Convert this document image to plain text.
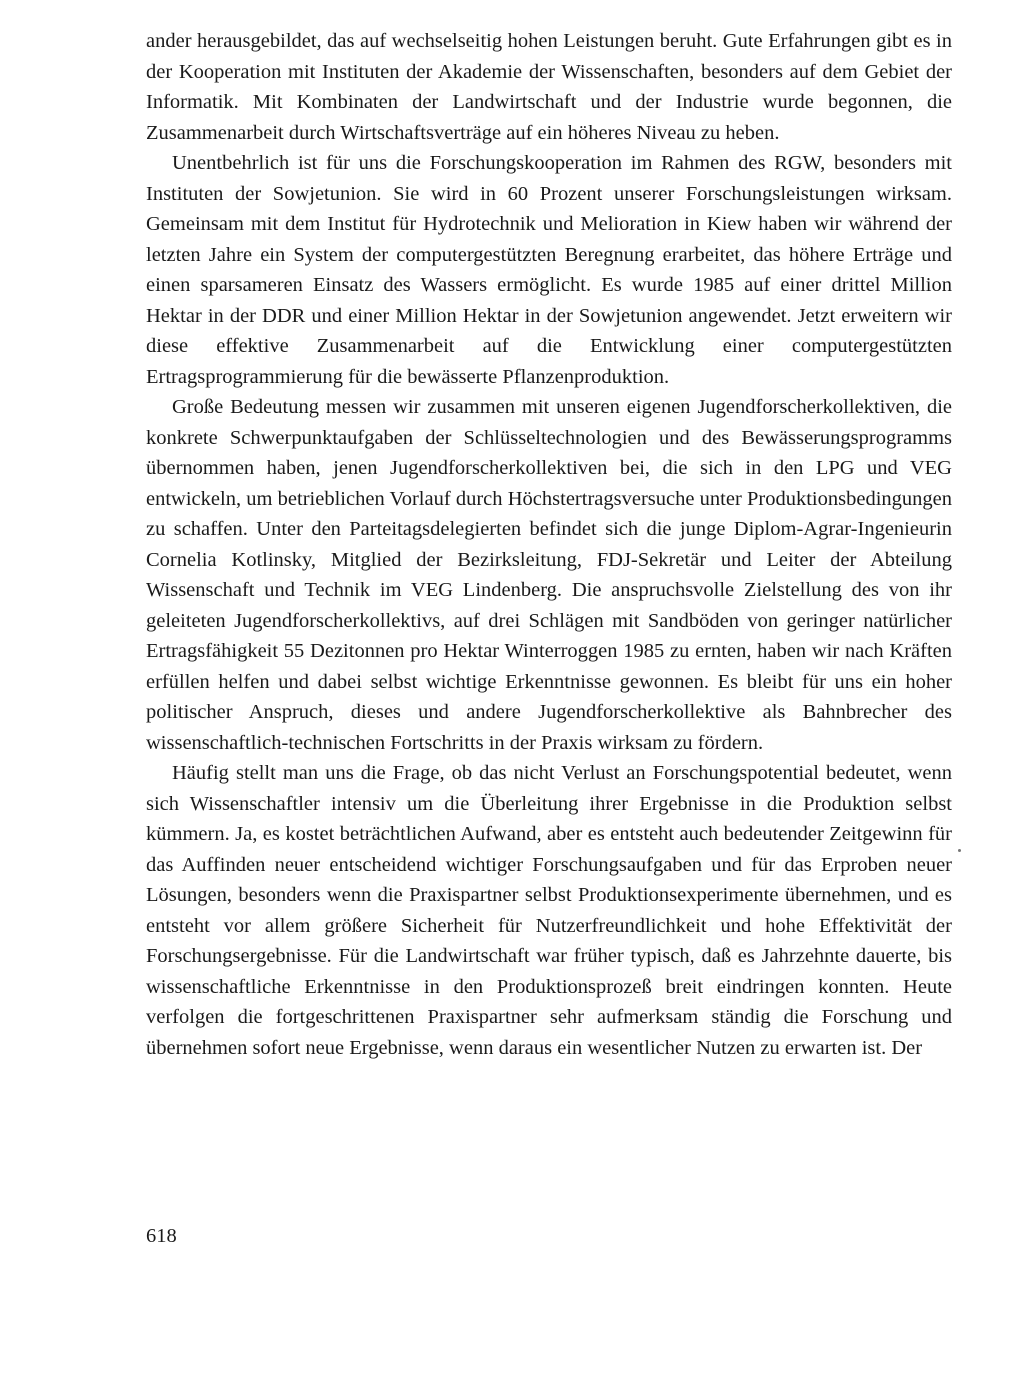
ander herausgebildet, das auf wechselseitig hohen Leistungen beruht. Gute Erfahrungen gibt es in der Kooperation mit Instituten der Akademie der Wissenschaften, besonders auf dem Gebiet der Informatik. Mit Kombinaten der Landwirtschaft und der Industrie wurde begonnen, die Zusammenarbeit durch Wirtschaftsverträge auf ein höheres Niveau zu heben.

Unentbehrlich ist für uns die Forschungskooperation im Rahmen des RGW, besonders mit Instituten der Sowjetunion. Sie wird in 60 Prozent unserer Forschungsleistungen wirksam. Gemeinsam mit dem Institut für Hydrotechnik und Melioration in Kiew haben wir während der letzten Jahre ein System der computergestützten Beregnung erarbeitet, das höhere Erträge und einen sparsameren Einsatz des Wassers ermöglicht. Es wurde 1985 auf einer drittel Million Hektar in der DDR und einer Million Hektar in der Sowjetunion angewendet. Jetzt erweitern wir diese effektive Zusammenarbeit auf die Entwicklung einer computergestützten Ertragsprogrammierung für die bewässerte Pflanzenproduktion.

Große Bedeutung messen wir zusammen mit unseren eigenen Jugendforscherkollektiven, die konkrete Schwerpunktaufgaben der Schlüsseltechnologien und des Bewässerungsprogramms übernommen haben, jenen Jugendforscherkollektiven bei, die sich in den LPG und VEG entwickeln, um betrieblichen Vorlauf durch Höchstertragsversuche unter Produktionsbedingungen zu schaffen. Unter den Parteitagsdelegierten befindet sich die junge Diplom-Agrar-Ingenieurin Cornelia Kotlinsky, Mitglied der Bezirksleitung, FDJ-Sekretär und Leiter der Abteilung Wissenschaft und Technik im VEG Lindenberg. Die anspruchsvolle Zielstellung des von ihr geleiteten Jugendforscherkollektivs, auf drei Schlägen mit Sandböden von geringer natürlicher Ertragsfähigkeit 55 Dezitonnen pro Hektar Winterroggen 1985 zu ernten, haben wir nach Kräften erfüllen helfen und dabei selbst wichtige Erkenntnisse gewonnen. Es bleibt für uns ein hoher politischer Anspruch, dieses und andere Jugendforscherkollektive als Bahnbrecher des wissenschaftlich-technischen Fortschritts in der Praxis wirksam zu fördern.

Häufig stellt man uns die Frage, ob das nicht Verlust an Forschungspotential bedeutet, wenn sich Wissenschaftler intensiv um die Überleitung ihrer Ergebnisse in die Produktion selbst kümmern. Ja, es kostet beträchtlichen Aufwand, aber es entsteht auch bedeutender Zeitgewinn für das Auffinden neuer entscheidend wichtiger Forschungsaufgaben und für das Erproben neuer Lösungen, besonders wenn die Praxispartner selbst Produktionsexperimente übernehmen, und es entsteht vor allem größere Sicherheit für Nutzerfreundlichkeit und hohe Effektivität der Forschungsergebnisse. Für die Landwirtschaft war früher typisch, daß es Jahrzehnte dauerte, bis wissenschaftliche Erkenntnisse in den Produktionsprozeß breit eindringen konnten. Heute verfolgen die fortgeschrittenen Praxispartner sehr aufmerksam ständig die Forschung und übernehmen sofort neue Ergebnisse, wenn daraus ein wesentlicher Nutzen zu erwarten ist. Der

618
